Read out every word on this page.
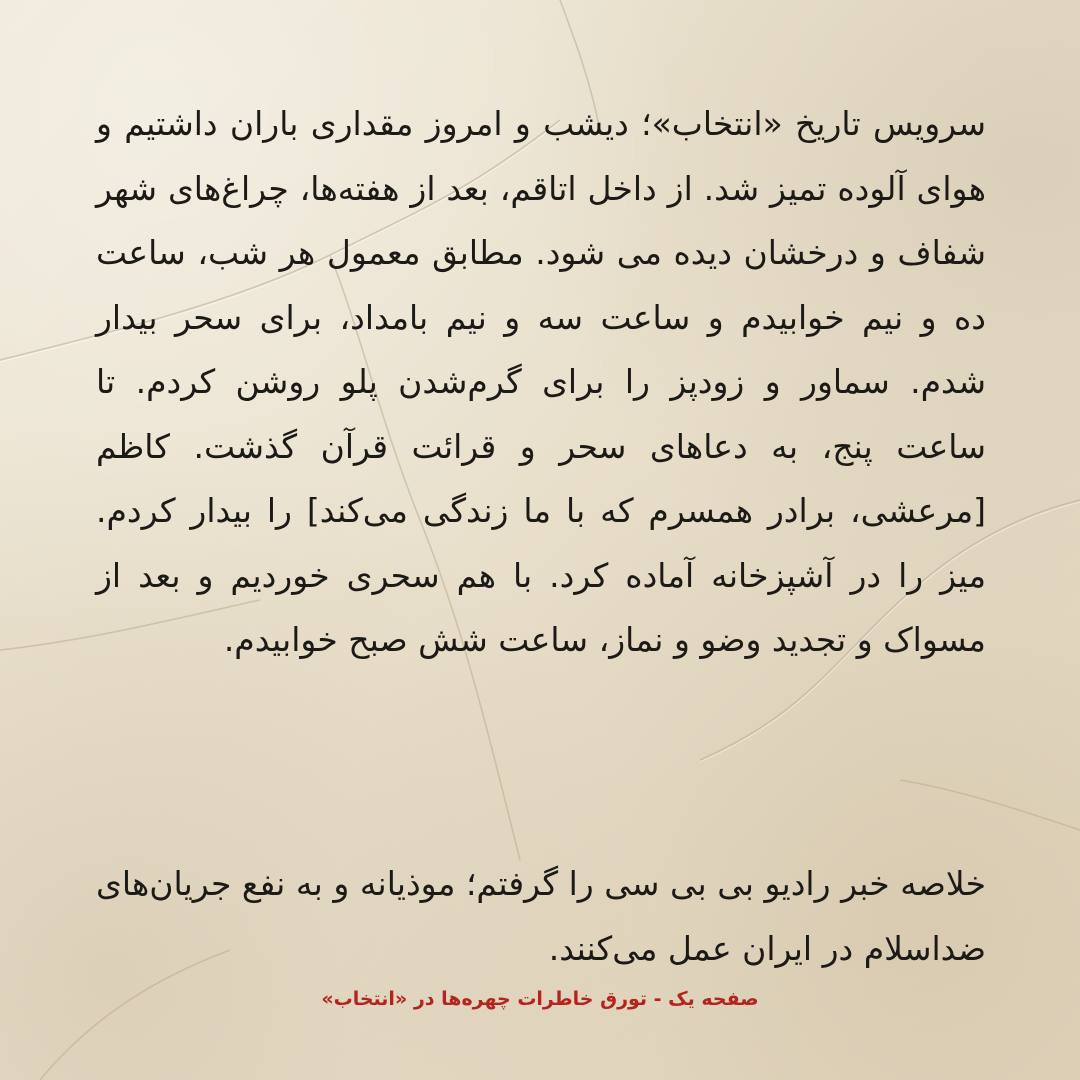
سرویس تاریخ «انتخاب»؛ دیشب و امروز مقداری باران داشتیم و هوای آلوده تمیز شد. از داخل اتاقم، بعد از هفته‌ها، چراغ‌های شهر شفاف و درخشان دیده می شود. مطابق معمول هر شب، ساعت ده و نیم خوابیدم و ساعت سه و نیم بامداد، برای سحر بیدار شدم. سماور و زودپز را برای گرم‌شدن پلو روشن کردم. تا ساعت پنج، به دعاهای سحر و قرائت قرآن گذشت. کاظم [مرعشی، برادر همسرم که با ما زندگی می‌کند] را بیدار کردم. میز را در آشپزخانه آماده کرد. با هم سحری خوردیم و بعد از مسواک و تجدید وضو و نماز، ساعت شش صبح خوابیدم.

خلاصه خبر رادیو بی بی سی را گرفتم؛ موذیانه و به نفع جریان‌های ضداسلام در ایران عمل می‌کنند.

صفحه یک - تورق خاطرات چهره‌ها در «انتخاب»
